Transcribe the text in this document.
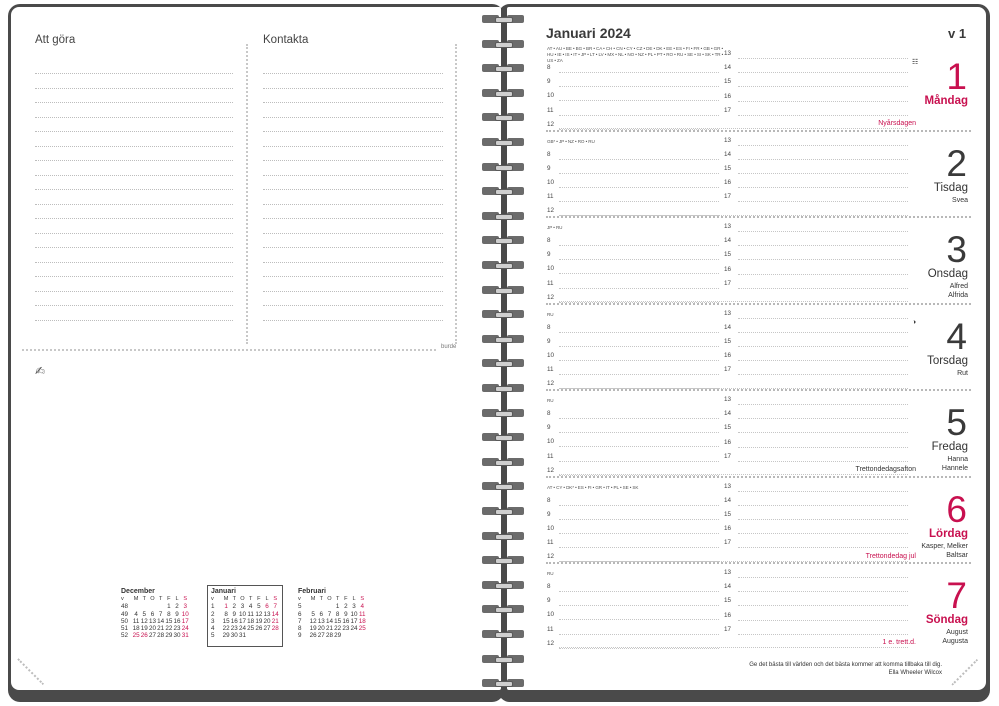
Att göra	Kontakta
burde
✍
December
v	M	T	O	T	F	L	S
48					1	2	3
49	4	5	6	7	8	9	10
50	11	12	13	14	15	16	17
51	18	19	20	21	22	23	24
52	25	26	27	28	29	30	31
Januari
v	M	T	O	T	F	L	S
1	1	2	3	4	5	6	7
2	8	9	10	11	12	13	14
3	15	16	17	18	19	20	21
4	22	23	24	25	26	27	28
5	29	30	31				
Februari
v	M	T	O	T	F	L	S
5				1	2	3	4
6	5	6	7	8	9	10	11
7	12	13	14	15	16	17	18
8	19	20	21	22	23	24	25
9	26	27	28	29			
Januari 2024	v 1
AT • AU • BE • BG • BR • CA • CH • CN • CY • CZ • DE • DK • EE • ES • FI • FR • GB • GR • HU • IE • IS • IT • JP • LT • LV • MX • NL • NO • NZ • PL • PT • RO • RU • SE • SI • SK • TR • US • ZA
8
9
10
11
12
13
14
15
16
17
1
Måndag
Nyårsdagen
☷
GB* • JP • NZ • RO • RU
8
9
10
11
12
13
14
15
16
17
2
Tisdag
Svea
JP • RU
8
9
10
11
12
13
14
15
16
17
3
Onsdag
Alfred
Alfrida
RU
8
9
10
11
12
13
14
15
16
17
4
Torsdag
Rut
◑
RU
8
9
10
11
12
13
14
15
16
17
5
Fredag
Hanna
Hannele
Trettondedagsafton
AT • CY • DK* • ES • FI • GR • IT • PL • SE • SK
8
9
10
11
12
13
14
15
16
17
6
Lördag
Kasper, Melker
Baltsar
Trettondedag jul
RU
8
9
10
11
12
13
14
15
16
17
7
Söndag
August
Augusta
1 e. trett.d.
Ge det bästa till världen och det bästa kommer att komma tillbaka till dig.
Ella Wheeler Wilcox
